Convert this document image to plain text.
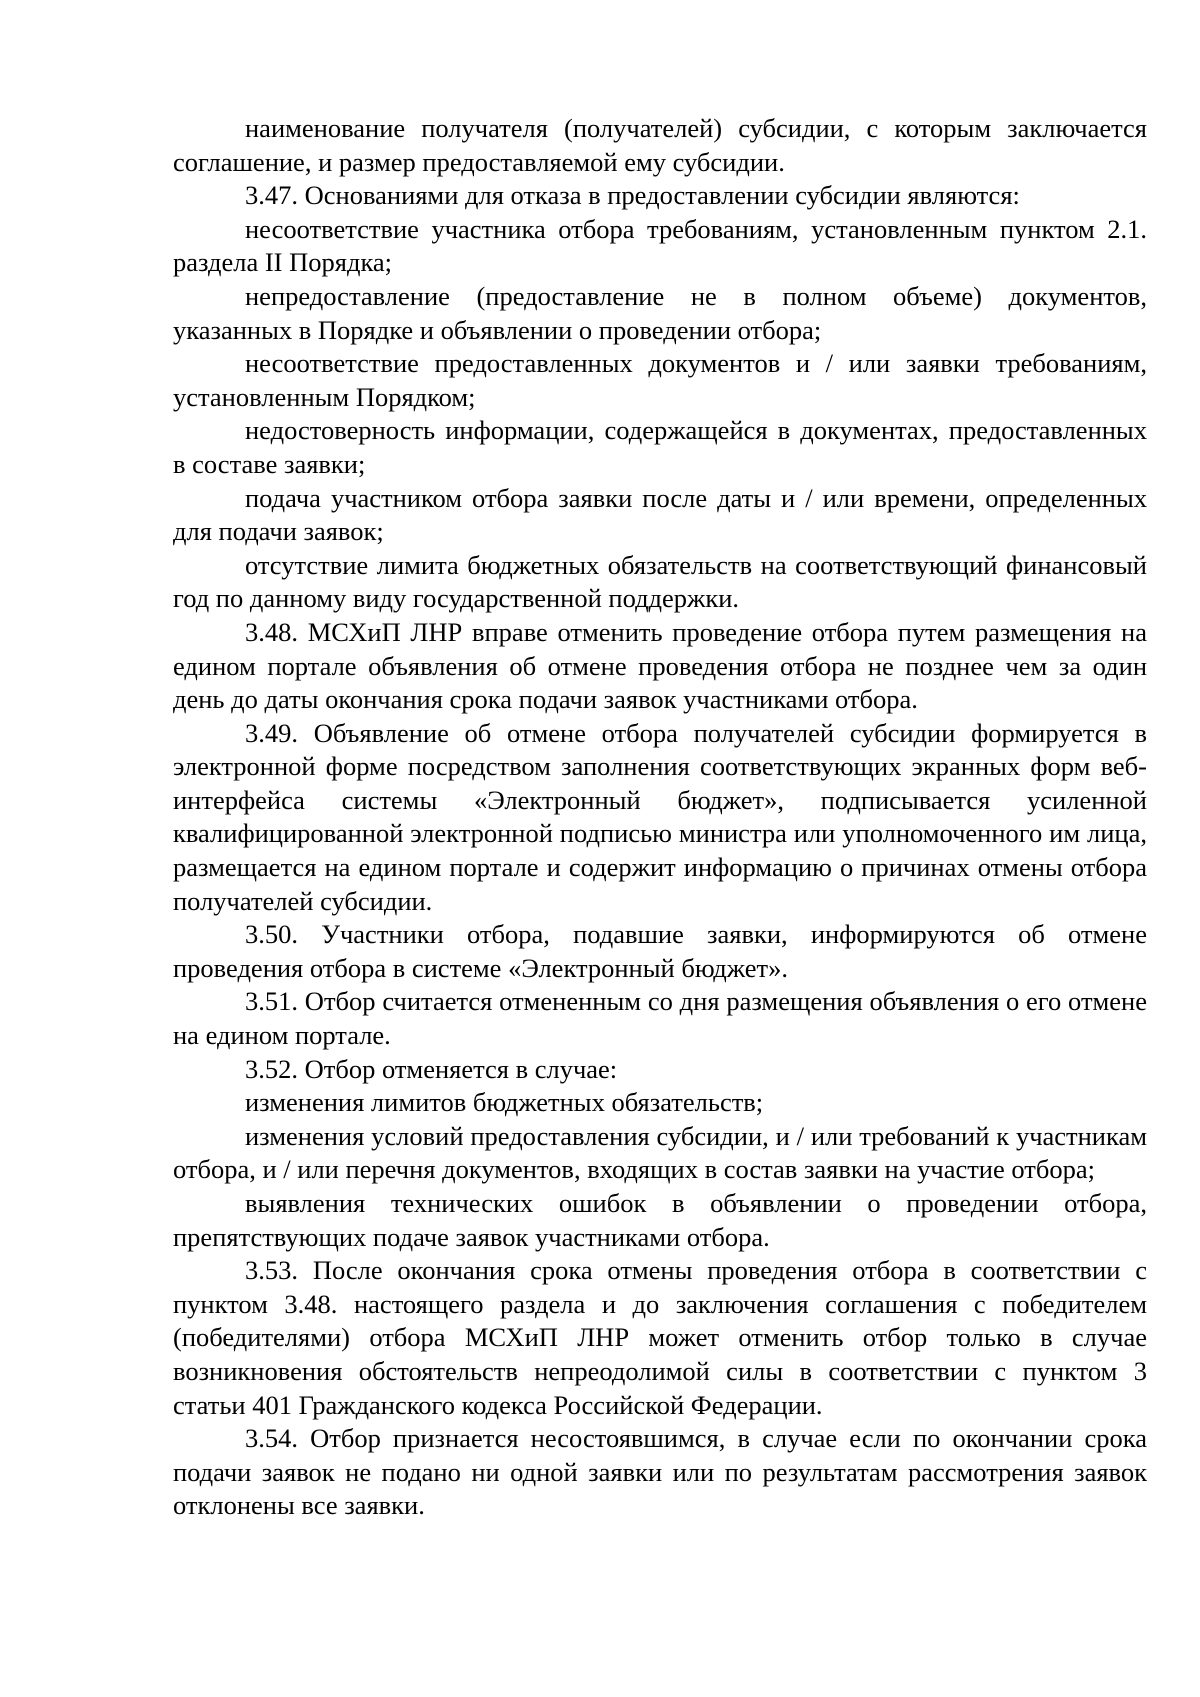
наименование получателя (получателей) субсидии, с которым заключается соглашение, и размер предоставляемой ему субсидии.

3.47. Основаниями для отказа в предоставлении субсидии являются:

несоответствие участника отбора требованиям, установленным пунктом 2.1. раздела II Порядка;

непредоставление (предоставление не в полном объеме) документов, указанных в Порядке и объявлении о проведении отбора;

несоответствие предоставленных документов и / или заявки требованиям, установленным Порядком;

недостоверность информации, содержащейся в документах, предоставленных в составе заявки;

подача участником отбора заявки после даты и / или времени, определенных для подачи заявок;

отсутствие лимита бюджетных обязательств на соответствующий финансовый год по данному виду государственной поддержки.

3.48. МСХиП ЛНР вправе отменить проведение отбора путем размещения на едином портале объявления об отмене проведения отбора не позднее чем за один день до даты окончания срока подачи заявок участниками отбора.

3.49. Объявление об отмене отбора получателей субсидии формируется в электронной форме посредством заполнения соответствующих экранных форм веб-интерфейса системы «Электронный бюджет», подписывается усиленной квалифицированной электронной подписью министра или уполномоченного им лица, размещается на едином портале и содержит информацию о причинах отмены отбора получателей субсидии.

3.50. Участники отбора, подавшие заявки, информируются об отмене проведения отбора в системе «Электронный бюджет».

3.51. Отбор считается отмененным со дня размещения объявления о его отмене на едином портале.

3.52. Отбор отменяется в случае:

изменения лимитов бюджетных обязательств;

изменения условий предоставления субсидии, и / или требований к участникам отбора, и / или перечня документов, входящих в состав заявки на участие отбора;

выявления технических ошибок в объявлении о проведении отбора, препятствующих подаче заявок участниками отбора.

3.53. После окончания срока отмены проведения отбора в соответствии с пунктом 3.48. настоящего раздела и до заключения соглашения с победителем (победителями) отбора МСХиП ЛНР может отменить отбор только в случае возникновения обстоятельств непреодолимой силы в соответствии с пунктом 3 статьи 401 Гражданского кодекса Российской Федерации.

3.54. Отбор признается несостоявшимся, в случае если по окончании срока подачи заявок не подано ни одной заявки или по результатам рассмотрения заявок отклонены все заявки.
